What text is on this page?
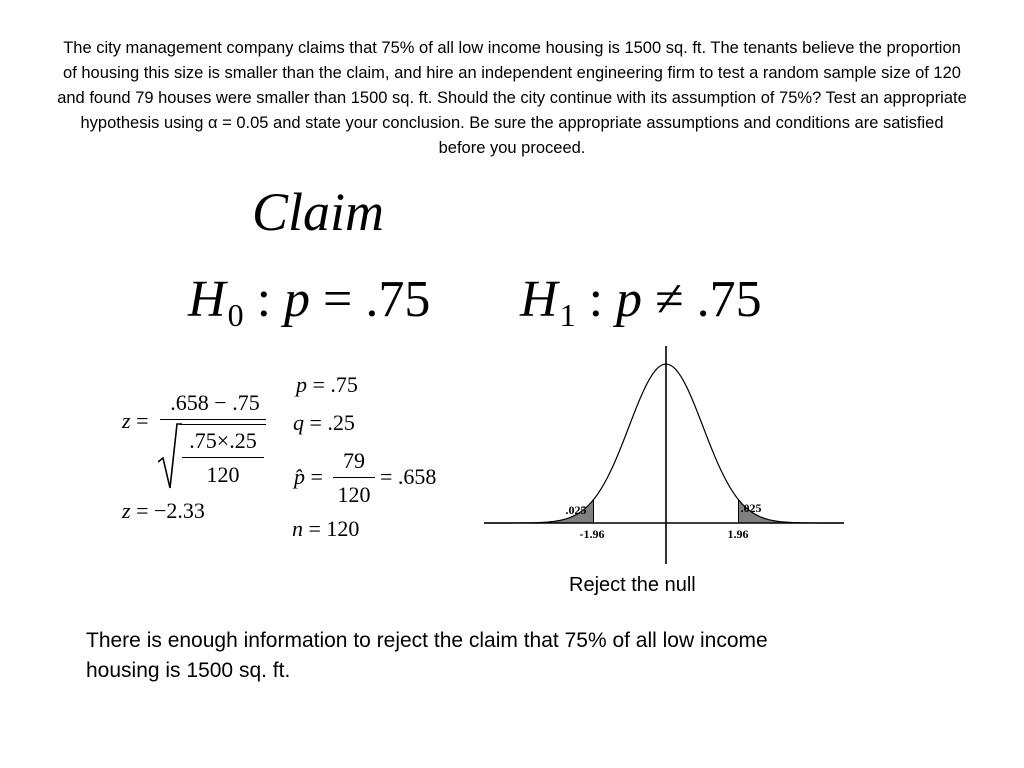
The city management company claims that 75% of all low income housing is 1500 sq. ft. The tenants believe the proportion of housing this size is smaller than the claim, and hire an independent engineering firm to test a random sample size of 120 and found 79 houses were smaller than 1500 sq. ft. Should the city continue with its assumption of 75%? Test an appropriate hypothesis using α = 0.05 and state your conclusion. Be sure the appropriate assumptions and conditions are satisfied before you proceed.
Claim
$H_0$ : p = .75 $H_1$ : p ≠ .75
z =
.658 − .75
.75×.25
120
z = −2.33
p = .75
q = .25
p̂ =
79
120
= .658
n = 120
.025	.025
-1.96	1.96
Reject the null
There is enough information to reject the claim that 75% of all low income housing is 1500 sq. ft.
